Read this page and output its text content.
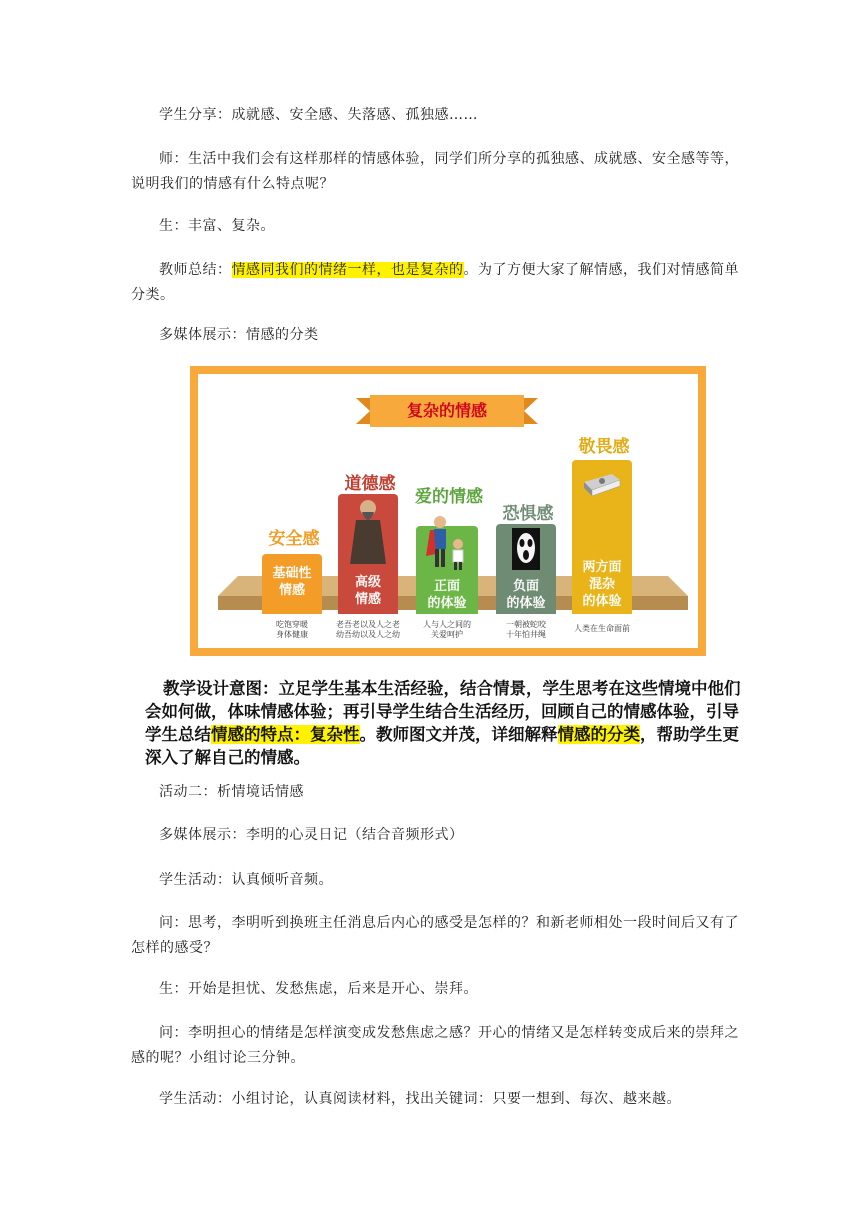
学生分享：成就感、安全感、失落感、孤独感……

师：生活中我们会有这样那样的情感体验，同学们所分享的孤独感、成就感、安全感等等，说明我们的情感有什么特点呢？

生：丰富、复杂。

教师总结：情感同我们的情绪一样，也是复杂的。为了方便大家了解情感，我们对情感简单分类。

多媒体展示：情感的分类

复杂的情感
安全感
基础性
情感
吃饱穿暖
身体健康
道德感
高级
情感
老吾老以及人之老
幼吾幼以及人之幼
爱的情感
正面
的体验
人与人之间的
关爱呵护
恐惧感
负面
的体验
一朝被蛇咬
十年怕井绳
敬畏感
两方面
混杂
的体验
人类在生命面前

教学设计意图：立足学生基本生活经验，结合情景，学生思考在这些情境中他们会如何做，体味情感体验；再引导学生结合生活经历，回顾自己的情感体验，引导学生总结情感的特点：复杂性。教师图文并茂，详细解释情感的分类，帮助学生更深入了解自己的情感。

活动二：析情境话情感

多媒体展示：李明的心灵日记（结合音频形式）

学生活动：认真倾听音频。

问：思考，李明听到换班主任消息后内心的感受是怎样的？和新老师相处一段时间后又有了怎样的感受？

生：开始是担忧、发愁焦虑，后来是开心、崇拜。

问：李明担心的情绪是怎样演变成发愁焦虑之感？开心的情绪又是怎样转变成后来的崇拜之感的呢？小组讨论三分钟。

学生活动：小组讨论，认真阅读材料，找出关键词：只要一想到、每次、越来越。
